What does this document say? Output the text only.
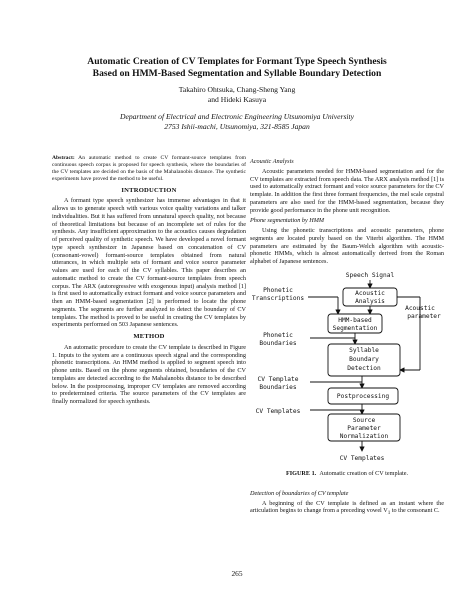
Automatic Creation of CV Templates for Formant Type Speech Synthesis
Based on HMM-Based Segmentation and Syllable Boundary Detection
Takahiro Ohtsuka, Chang-Sheng Yang
and Hideki Kasuya
Department of Electrical and Electronic Engineering Utsunomiya University
2753 Ishii-machi, Utsunomiya, 321-8585 Japan

Abstract: An automatic method to create CV formant-source templates from continuous speech corpus is proposed for speech synthesis, where the boundaries of the CV templates are decided on the basis of the Mahalanobis distance. The synthetic experiments have proved the method to be useful.

INTRODUCTION

A formant type speech synthesizer has immense advantages in that it allows us to generate speech with various voice quality variations and talker individualities. But it has suffered from unnatural speech quality, not because of theoretical limitations but because of an incomplete set of rules for the synthesis. Any insufficient approximation to the acoustics causes degradation of perceived quality of synthetic speech. We have developed a novel formant type speech synthesizer in Japanese based on concatenation of CV (consonant-vowel) formant-source templates obtained from natural utterances, in which multiple sets of formant and voice source parameter values are used for each of the CV syllables. This paper describes an automatic method to create the CV formant-source templates from speech corpus. The ARX (autoregressive with exogenous input) analysis method [1] is first used to automatically extract formant and voice source parameters and then an HMM-based segmentation [2] is performed to locate the phone segments. The segments are further analyzed to detect the boundary of CV templates. The method is proved to be useful in creating the CV templates by experiments performed on 503 Japanese sentences.

METHOD

An automatic procedure to create the CV template is described in Figure 1. Inputs to the system are a continuous speech signal and the corresponding phonetic transcriptions. An HMM method is applied to segment speech into phone units. Based on the phone segments obtained, boundaries of the CV templates are detected according to the Mahalanobis distance to be described below. In the postprocessing, improper CV templates are removed according to predetermined criteria. The source parameters of the CV templates are finally normalized for speech synthesis.

Acoustic Analysis

Acoustic parameters needed for HMM-based segmentation and for the CV templates are extracted from speech data. The ARX analysis method [1] is used to automatically extract formant and voice source parameters for the CV template. In addition the first three formant frequencies, the mel scale cepstral parameters are also used for the HMM-based segmentation, because they provide good performance in the phone unit recognition.

Phone segmentation by HMM

Using the phonetic transcriptions and acoustic parameters, phone segments are located purely based on the Viterbi algorithm. The HMM parameters are estimated by the Baum-Welch algorithm with acoustic-phonetic HMMs, which is almost automatically derived from the Roman alphabet of Japanese sentences.

Speech Signal
Acoustic
Analysis
HMM-based
Segmentation
Syllable
Boundary
Detection
Postprocessing
Source
Parameter
Normalization
CV Templates
Phonetic
Transcriptions
Acoustic
parameter
Phonetic
Boundaries
CV Template
Boundaries
CV Templates
FIGURE 1. Automatic creation of CV template.
Detection of boundaries of CV template

A beginning of the CV template is defined as an instant where the articulation begins to change from a preceding vowel $V_1$ to the consonant C.

265
